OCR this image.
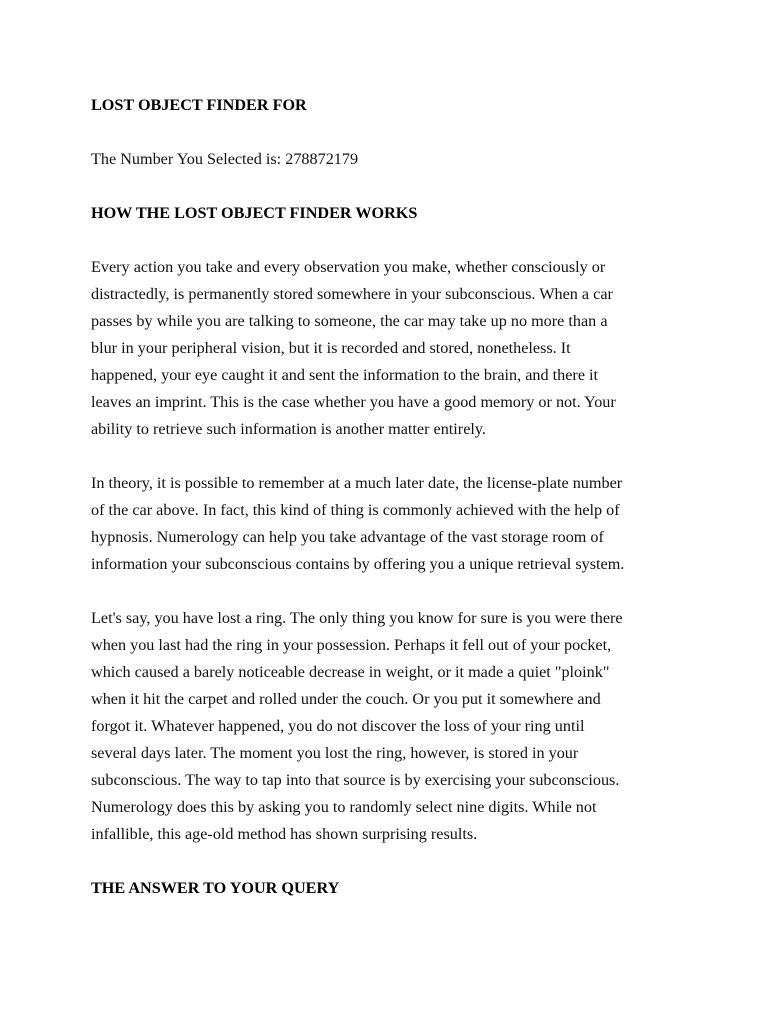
LOST OBJECT FINDER FOR

The Number You Selected is: 278872179

HOW THE LOST OBJECT FINDER WORKS

Every action you take and every observation you make, whether consciously or

distractedly, is permanently stored somewhere in your subconscious. When a car

passes by while you are talking to someone, the car may take up no more than a

blur in your peripheral vision, but it is recorded and stored, nonetheless. It

happened, your eye caught it and sent the information to the brain, and there it

leaves an imprint. This is the case whether you have a good memory or not. Your

ability to retrieve such information is another matter entirely.

In theory, it is possible to remember at a much later date, the license-plate number

of the car above. In fact, this kind of thing is commonly achieved with the help of

hypnosis. Numerology can help you take advantage of the vast storage room of

information your subconscious contains by offering you a unique retrieval system.

Let's say, you have lost a ring. The only thing you know for sure is you were there

when you last had the ring in your possession. Perhaps it fell out of your pocket,

which caused a barely noticeable decrease in weight, or it made a quiet "ploink"

when it hit the carpet and rolled under the couch. Or you put it somewhere and

forgot it. Whatever happened, you do not discover the loss of your ring until

several days later. The moment you lost the ring, however, is stored in your

subconscious. The way to tap into that source is by exercising your subconscious.

Numerology does this by asking you to randomly select nine digits. While not

infallible, this age-old method has shown surprising results.

THE ANSWER TO YOUR QUERY
